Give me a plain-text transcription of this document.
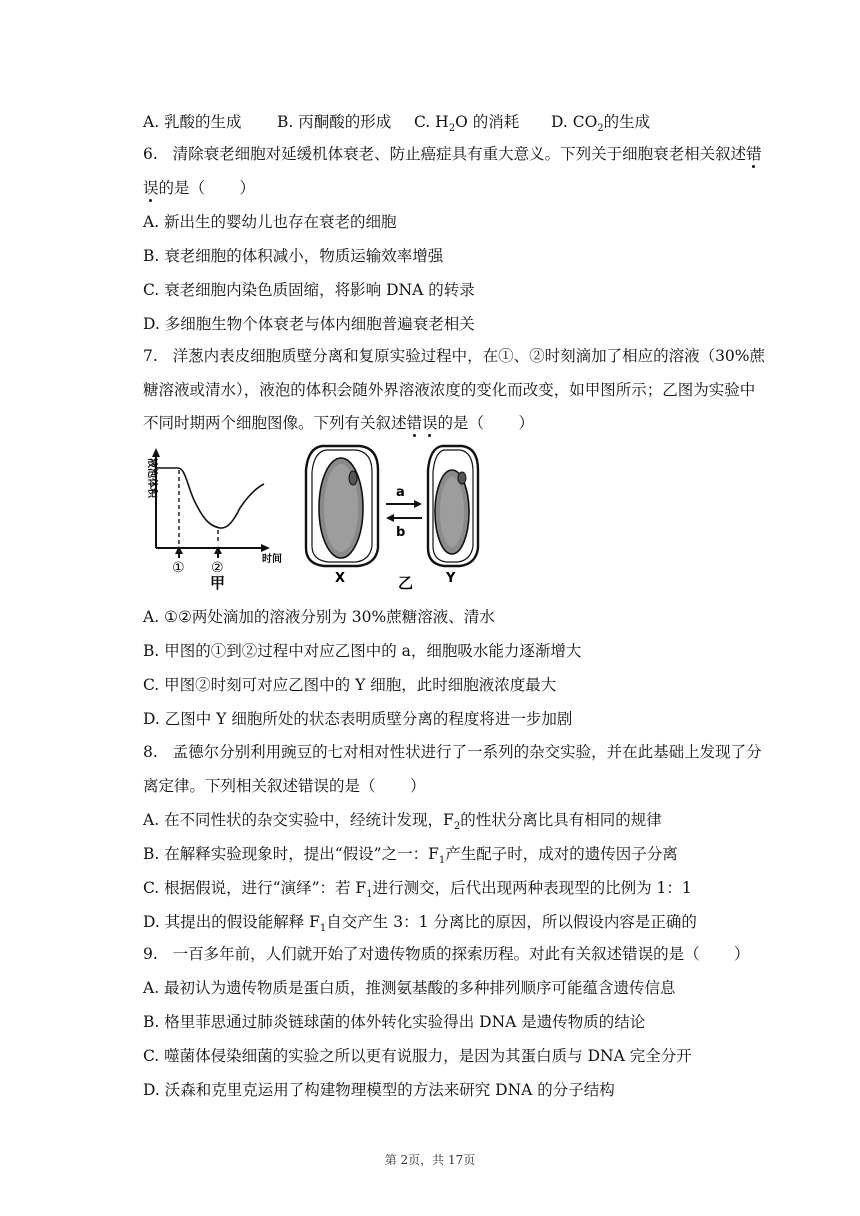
A. 乳酸的生成 B. 丙酮酸的形成 C. $H_2O$ 的消耗 D. $CO_2$的生成
6.   清除衰老细胞对延缓机体衰老、防止癌症具有重大意义。下列关于细胞衰老相关叙述错
误的是（       ）
A. 新出生的婴幼儿也存在衰老的细胞
B. 衰老细胞的体积减小，物质运输效率增强
C. 衰老细胞内染色质固缩，将影响 DNA 的转录
D. 多细胞生物个体衰老与体内细胞普遍衰老相关
7.   洋葱内表皮细胞质壁分离和复原实验过程中，在①、②时刻滴加了相应的溶液（30%蔗
糖溶液或清水），液泡的体积会随外界溶液浓度的变化而改变，如甲图所示；乙图为实验中
不同时期两个细胞图像。下列有关叙述错误的是（       ）
液泡体积
时间
① ②
甲	X
a
b
Y
乙
A. ①②两处滴加的溶液分别为 30%蔗糖溶液、清水
B. 甲图的①到②过程中对应乙图中的 a，细胞吸水能力逐渐增大
C. 甲图②时刻可对应乙图中的 Y 细胞，此时细胞液浓度最大
D. 乙图中 Y 细胞所处的状态表明质壁分离的程度将进一步加剧
8.   孟德尔分别利用豌豆的七对相对性状进行了一系列的杂交实验，并在此基础上发现了分
离定律。下列相关叙述错误的是（       ）
A. 在不同性状的杂交实验中，经统计发现，$F_2$的性状分离比具有相同的规律
B. 在解释实验现象时，提出“假设”之一：$F_1$产生配子时，成对的遗传因子分离
C. 根据假说，进行“演绎”：若 $F_1$进行测交，后代出现两种表现型的比例为 1：1
D. 其提出的假设能解释 $F_1$自交产生 3：1 分离比的原因，所以假设内容是正确的
9.   一百多年前，人们就开始了对遗传物质的探索历程。对此有关叙述错误的是（       ）
A. 最初认为遗传物质是蛋白质，推测氨基酸的多种排列顺序可能蕴含遗传信息
B. 格里菲思通过肺炎链球菌的体外转化实验得出 DNA 是遗传物质的结论
C. 噬菌体侵染细菌的实验之所以更有说服力，是因为其蛋白质与 DNA 完全分开
D. 沃森和克里克运用了构建物理模型的方法来研究 DNA 的分子结构
第 2页，共 17页
